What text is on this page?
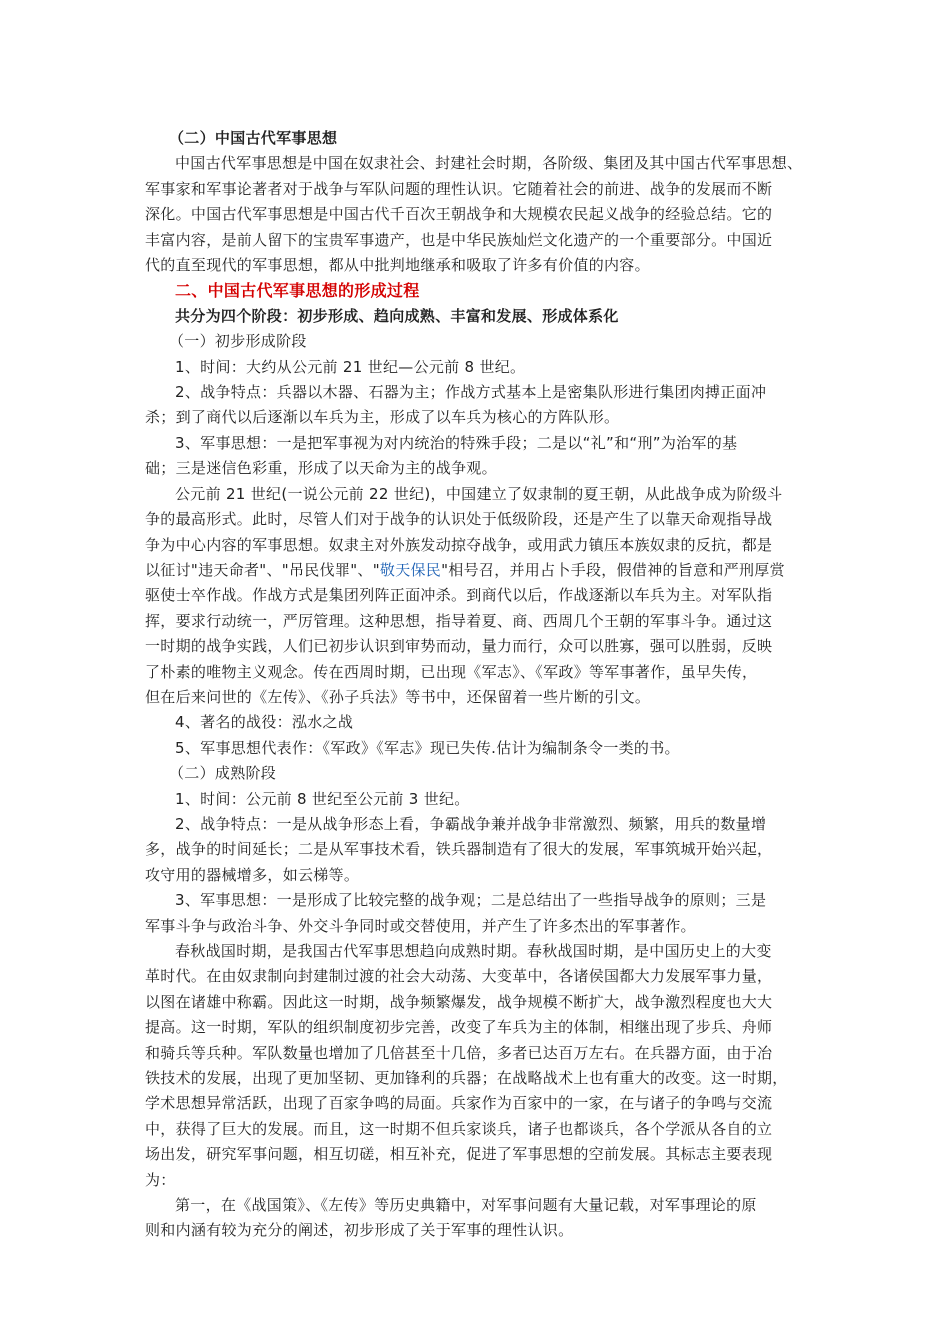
（二）中国古代军事思想
中国古代军事思想是中国在奴隶社会、封建社会时期，各阶级、集团及其中国古代军事思想、
军事家和军事论著者对于战争与军队问题的理性认识。它随着社会的前进、战争的发展而不断
深化。中国古代军事思想是中国古代千百次王朝战争和大规模农民起义战争的经验总结。它的
丰富内容，是前人留下的宝贵军事遗产，也是中华民族灿烂文化遗产的一个重要部分。中国近
代的直至现代的军事思想，都从中批判地继承和吸取了许多有价值的内容。
二、中国古代军事思想的形成过程
共分为四个阶段：初步形成、趋向成熟、丰富和发展、形成体系化
（一）初步形成阶段
1、时间：大约从公元前 21 世纪—公元前 8 世纪。
2、战争特点：兵器以木器、石器为主；作战方式基本上是密集队形进行集团肉搏正面冲
杀；到了商代以后逐渐以车兵为主，形成了以车兵为核心的方阵队形。
3、军事思想：一是把军事视为对内统治的特殊手段；二是以“礼”和“刑”为治军的基
础；三是迷信色彩重，形成了以天命为主的战争观。
公元前 21 世纪(一说公元前 22 世纪)，中国建立了奴隶制的夏王朝，从此战争成为阶级斗
争的最高形式。此时，尽管人们对于战争的认识处于低级阶段，还是产生了以靠天命观指导战
争为中心内容的军事思想。奴隶主对外族发动掠夺战争，或用武力镇压本族奴隶的反抗，都是
以征讨"违天命者"、"吊民伐罪"、"敬天保民"相号召，并用占卜手段，假借神的旨意和严刑厚赏
驱使士卒作战。作战方式是集团列阵正面冲杀。到商代以后，作战逐渐以车兵为主。对军队指
挥，要求行动统一，严厉管理。这种思想，指导着夏、商、西周几个王朝的军事斗争。通过这
一时期的战争实践，人们已初步认识到审势而动，量力而行，众可以胜寡，强可以胜弱，反映
了朴素的唯物主义观念。传在西周时期，已出现《军志》、《军政》等军事著作，虽早失传，
但在后来问世的《左传》、《孙子兵法》等书中，还保留着一些片断的引文。
4、著名的战役：泓水之战
5、军事思想代表作：《军政》《军志》现已失传.估计为编制条令一类的书。
（二）成熟阶段
1、时间：公元前 8 世纪至公元前 3 世纪。
2、战争特点：一是从战争形态上看，争霸战争兼并战争非常激烈、频繁，用兵的数量增
多，战争的时间延长；二是从军事技术看，铁兵器制造有了很大的发展，军事筑城开始兴起，
攻守用的器械增多，如云梯等。
3、军事思想：一是形成了比较完整的战争观；二是总结出了一些指导战争的原则；三是
军事斗争与政治斗争、外交斗争同时或交替使用，并产生了许多杰出的军事著作。
春秋战国时期，是我国古代军事思想趋向成熟时期。春秋战国时期，是中国历史上的大变
革时代。在由奴隶制向封建制过渡的社会大动荡、大变革中，各诸侯国都大力发展军事力量，
以图在诸雄中称霸。因此这一时期，战争频繁爆发，战争规模不断扩大，战争激烈程度也大大
提高。这一时期，军队的组织制度初步完善，改变了车兵为主的体制，相继出现了步兵、舟师
和骑兵等兵种。军队数量也增加了几倍甚至十几倍，多者已达百万左右。在兵器方面，由于冶
铁技术的发展，出现了更加坚韧、更加锋利的兵器；在战略战术上也有重大的改变。这一时期，
学术思想异常活跃，出现了百家争鸣的局面。兵家作为百家中的一家，在与诸子的争鸣与交流
中，获得了巨大的发展。而且，这一时期不但兵家谈兵，诸子也都谈兵，各个学派从各自的立
场出发，研究军事问题，相互切磋，相互补充，促进了军事思想的空前发展。其标志主要表现
为：
第一，在《战国策》、《左传》等历史典籍中，对军事问题有大量记载，对军事理论的原
则和内涵有较为充分的阐述，初步形成了关于军事的理性认识。
